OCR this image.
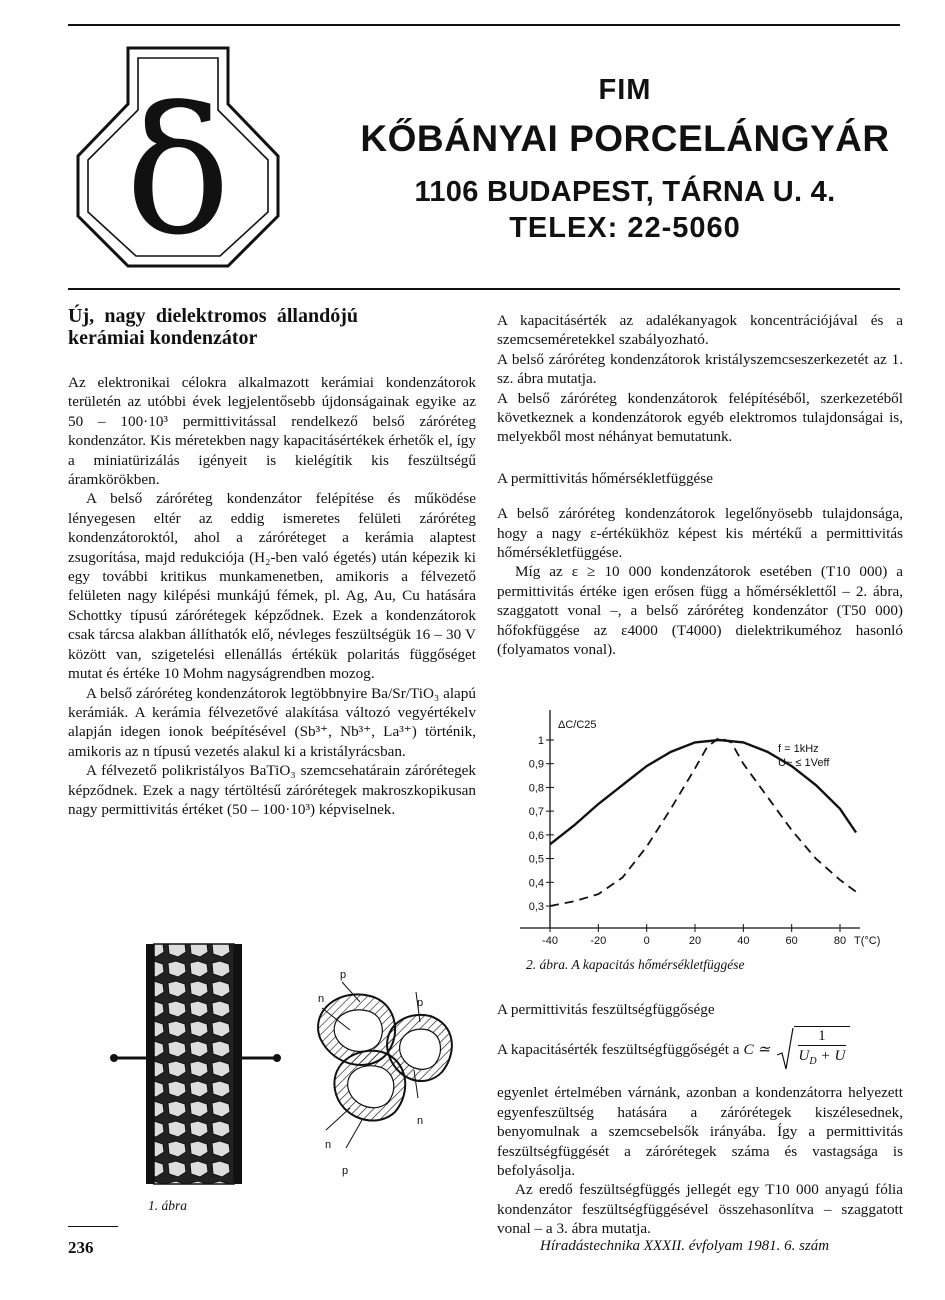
δ	FIM
KŐBÁNYAI PORCELÁNGYÁR
1106 BUDAPEST, TÁRNA U. 4.
TELEX: 22-5060
Új, nagy dielektromos állandójú kerámiai kondenzátor

Az elektronikai célokra alkalmazott kerámiai kondenzátorok területén az utóbbi évek legjelentősebb újdonságainak egyike az 50 – 100·10³ permittivitással rendelkező belső záróréteg kondenzátor. Kis méretekben nagy kapacitásértékek érhetők el, így a miniatürizálás igényeit is kielégítik kis feszültségű áramkörökben.

A belső záróréteg kondenzátor felépítése és működése lényegesen eltér az eddig ismeretes felületi záróréteg kondenzátoroktól, ahol a záróréteget a kerámia alaptest zsugorítása, majd redukciója (H₂-ben való égetés) után képezik ki egy további kritikus munkamenetben, amikoris a félvezető felületen nagy kilépési munkájú fémek, pl. Ag, Au, Cu hatására Schottky típusú zárórétegek képződnek. Ezek a kondenzátorok csak tárcsa alakban állíthatók elő, névleges feszültségük 16 – 30 V között van, szigetelési ellenállás értékük polaritás függőséget mutat és értéke 10 Mohm nagyságrendben mozog.

A belső záróréteg kondenzátorok legtöbbnyire Ba/Sr/TiO₃ alapú kerámiák. A kerámia félvezetővé alakítása változó vegyértékelv alapján idegen ionok beépítésével (Sb³⁺, Nb³⁺, La³⁺) történik, amikoris az n típusú vezetés alakul ki a kristályrácsban.

A félvezető polikristályos BaTiO₃ szemcsehatárain zárórétegek képződnek. Ezek a nagy tértöltésű zárórétegek makroszkopikusan nagy permittivitás értéket (50 – 100·10³) képviselnek.

p
n	p
n
n
p
1. ábra

A kapacitásérték az adalékanyagok koncentrációjával és a szemcseméretekkel szabályozható.

A belső záróréteg kondenzátorok kristályszemcseszerkezetét az 1. sz. ábra mutatja.

A belső záróréteg kondenzátorok felépítéséből, szerkezetéből következnek a kondenzátorok egyéb elektromos tulajdonságai is, melyekből most néhányat bemutatunk.

A permittivitás hőmérsékletfüggése

A belső záróréteg kondenzátorok legelőnyösebb tulajdonsága, hogy a nagy ε-értékükhöz képest kis mértékű a permittivitás hőmérsékletfüggése.

Míg az ε ≥ 10 000 kondenzátorok esetében (T10 000) a permittivitás értéke igen erősen függ a hőmérséklettől – 2. ábra, szaggatott vonal –, a belső záróréteg kondenzátor (T50 000) hőfokfüggése az ε4000 (T4000) dielektrikuméhoz hasonló (folyamatos vonal).

0,3
0,4
0,5
0,6
0,7
0,8
0,9
1
-40	-20	0	20	40	60	80 T(°C)
ΔC/C25
f = 1kHz
U~ ≤ 1Veff
2. ábra. A kapacitás hőmérsékletfüggése
A permittivitás feszültségfüggősége
A kapacitásérték feszültségfüggőségét a C ≃ $\frac{1}{U_D + U}$

egyenlet értelmében várnánk, azonban a kondenzátorra helyezett egyenfeszültség hatására a zárórétegek kiszélesednek, benyomulnak a szemcsebelsők irányába. Így a permittivitás feszültségfüggését a zárórétegek száma és vastagsága is befolyásolja.

Az eredő feszültségfüggés jellegét egy T10 000 anyagú fólia kondenzátor feszültségfüggésével összehasonlítva – szaggatott vonal – a 3. ábra mutatja.

236	Híradástechnika XXXII. évfolyam 1981. 6. szám
